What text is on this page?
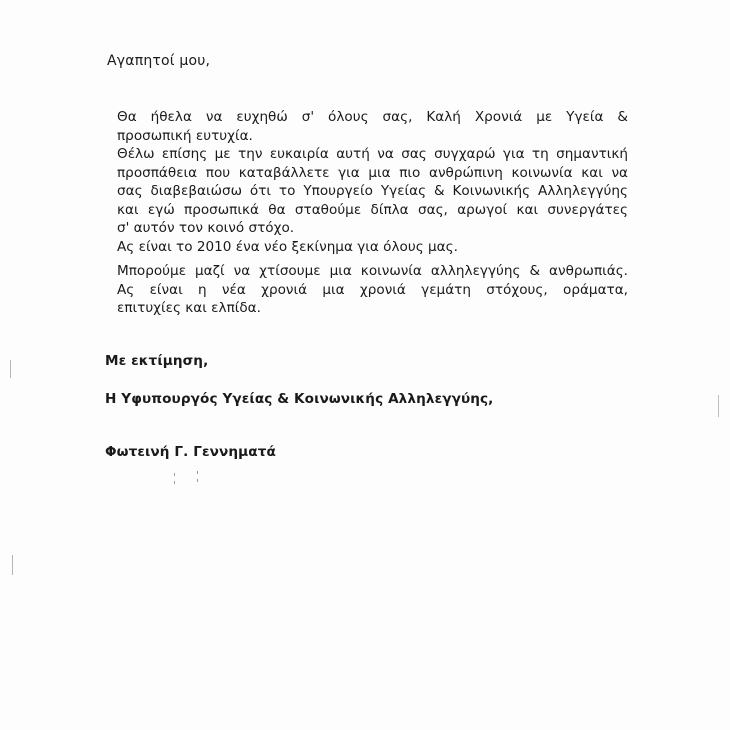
Αγαπητοί μου,
Θα ήθελα να ευχηθώ σ' όλους σας, Καλή Χρονιά με Υγεία &
προσωπική ευτυχία.
Θέλω επίσης με την ευκαιρία αυτή να σας συγχαρώ για τη σημαντική
προσπάθεια που καταβάλλετε για μια πιο ανθρώπινη κοινωνία και να
σας διαβεβαιώσω ότι το Υπουργείο Υγείας & Κοινωνικής Αλληλεγγύης
και εγώ προσωπικά θα σταθούμε δίπλα σας, αρωγοί και συνεργάτες
σ' αυτόν τον κοινό στόχο.
Ας είναι το 2010 ένα νέο ξεκίνημα για όλους μας.
Μπορούμε μαζί να χτίσουμε μια κοινωνία αλληλεγγύης & ανθρωπιάς.
Ας είναι η νέα χρονιά μια χρονιά γεμάτη στόχους, οράματα,
επιτυχίες και ελπίδα.
Με εκτίμηση,
Η Υφυπουργός Υγείας & Κοινωνικής Αλληλεγγύης,
Φωτεινή Γ. Γεννηματά
